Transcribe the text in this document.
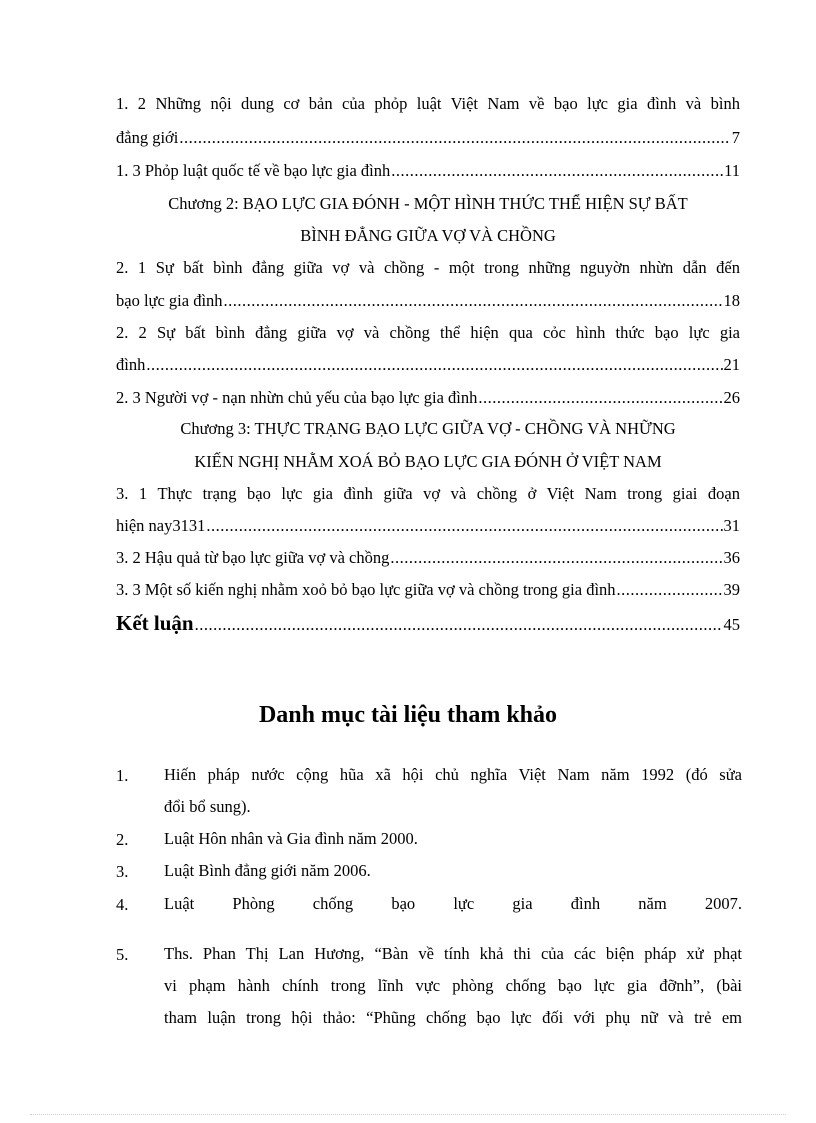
1. 2 Những nội dung cơ bản của phỏp luật Việt Nam về bạo lực gia đình và bình
đẳng giới .....	7
1. 3 Phỏp luật quốc tế về bạo lực gia đình .....	11
Chương 2: BẠO LỰC GIA ĐÓNH - MỘT HÌNH THỨC THỂ HIỆN SỰ BẤT
BÌNH ĐẲNG GIỮA VỢ VÀ CHỒNG
2. 1 Sự bất bình đẳng giữa vợ và chồng - một trong những nguyờn nhừn dẫn đến
bạo lực gia đình .....	18
2. 2 Sự bất bình đẳng giữa vợ và chồng thể hiện qua cỏc hình thức bạo lực gia
đình .....	21
2. 3 Người vợ - nạn nhừn chủ yếu của bạo lực gia đình .....	26
Chương 3: THỰC TRẠNG BẠO LỰC GIỮA VỢ - CHỒNG VÀ NHỮNG
KIẾN NGHỊ NHẰM XOÁ BỎ BẠO LỰC GIA ĐÓNH Ở VIỆT NAM
3. 1 Thực trạng bạo lực gia đình giữa vợ và chồng ở Việt Nam trong giai đoạn
hiện nay3131 .....	31
3. 2 Hậu quả từ bạo lực giữa vợ và chồng .....	36
3. 3 Một số kiến nghị nhằm xoỏ bỏ bạo lực giữa vợ và chồng trong gia đình .....	39
Kết luận .....	45
Danh mục tài liệu tham khảo
1. Hiến pháp nước cộng hũa xã hội chủ nghĩa Việt Nam năm 1992 (đó sửa
đổi bổ sung).
2. Luật Hôn nhân và Gia đình năm 2000.
3. Luật Bình đẳng giới năm 2006.
4. Luật Phòng chống bạo lực gia đình năm 2007.
5. Ths. Phan Thị Lan Hương, “Bàn về tính khả thi của các biện pháp xử phạt
vi phạm hành chính trong lĩnh vực phòng chống bạo lực gia đỡnh”, (bài
tham luận trong hội thảo: “Phũng chống bạo lực đối với phụ nữ và trẻ em
